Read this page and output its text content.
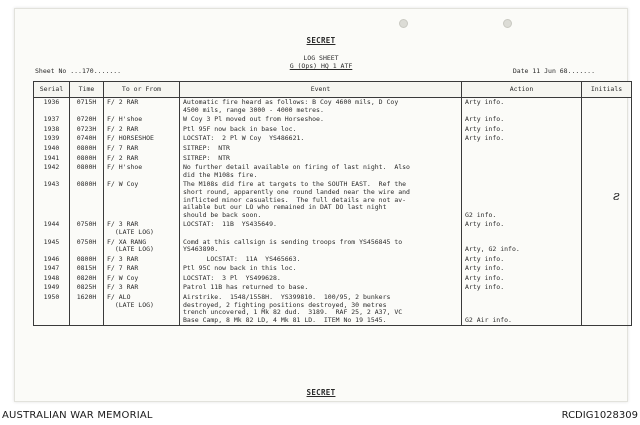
SECRET
LOG SHEET
G (Ops) HQ 1 ATF
Sheet No ...170.......	Date 11 Jun 68.......
Serial	Time	To or From	Event	Action	Initials
1936	0715H	F/ 2 RAR	Automatic fire heard as follows: B Coy 4600 mils, D Coy
4500 mils, range 3000 - 4000 metres.	Arty info.	
1937	0720H	F/ H'shoe	W Coy 3 Pl moved out from Horseshoe.	Arty info.	
1938	0723H	F/ 2 RAR	Ptl 95F now back in base loc.	Arty info.	
1939	0740H	F/ HORSESHOE	LOCSTAT:  2 Pl W Coy  YS486621.	Arty info.	
1940	0800H	F/ 7 RAR	SITREP:  NTR		
1941	0800H	F/ 2 RAR	SITREP:  NTR		
1942	0800H	F/ H'shoe	No further detail available on firing of last night.  Also
did the M108s fire.		
1943	0800H	F/ W Coy	The M108s did fire at targets to the SOUTH EAST.  Ref the
short round, apparently one round landed near the wire and
inflicted minor casualties.  The full details are not av-
ailable but our LO who remained in DAT DO last night
should be back soon.	

G2 info.	
1944	0750H	F/ 3 RAR
(LATE LOG)	LOCSTAT:  11B  YS435649.	Arty info.	
1945	0750H	F/ XA RANG
(LATE LOG)	Comd at this callsign is sending troops from YS456845 to
YS463890.	
Arty, G2 info.	
1946	0800H	F/ 3 RAR	LOCSTAT:  11A  YS465663.	Arty info.	
1947	0815H	F/ 7 RAR	Ptl 95C now back in this loc.	Arty info.	
1948	0820H	F/ W Coy	LOCSTAT:  3 Pl  YS499628.	Arty info.	
1949	0825H	F/ 3 RAR	Patrol 11B has returned to base.	Arty info.	
1950	1620H	F/ ALO
(LATE LOG)	Airstrike.  1548/1558H.  YS399810.  100/95, 2 bunkers
destroyed, 2 fighting positions destroyed, 30 metres
trench uncovered, 1 Mk 82 dud.  3189.  RAF 25, 2 A37, VC
Base Camp, 8 Mk 82 LD, 4 Mk 81 LD.  ITEM No 19 1545.	

G2 Air info.	
ƨ
SECRET
AUSTRALIAN WAR MEMORIAL	RCDIG1028309
